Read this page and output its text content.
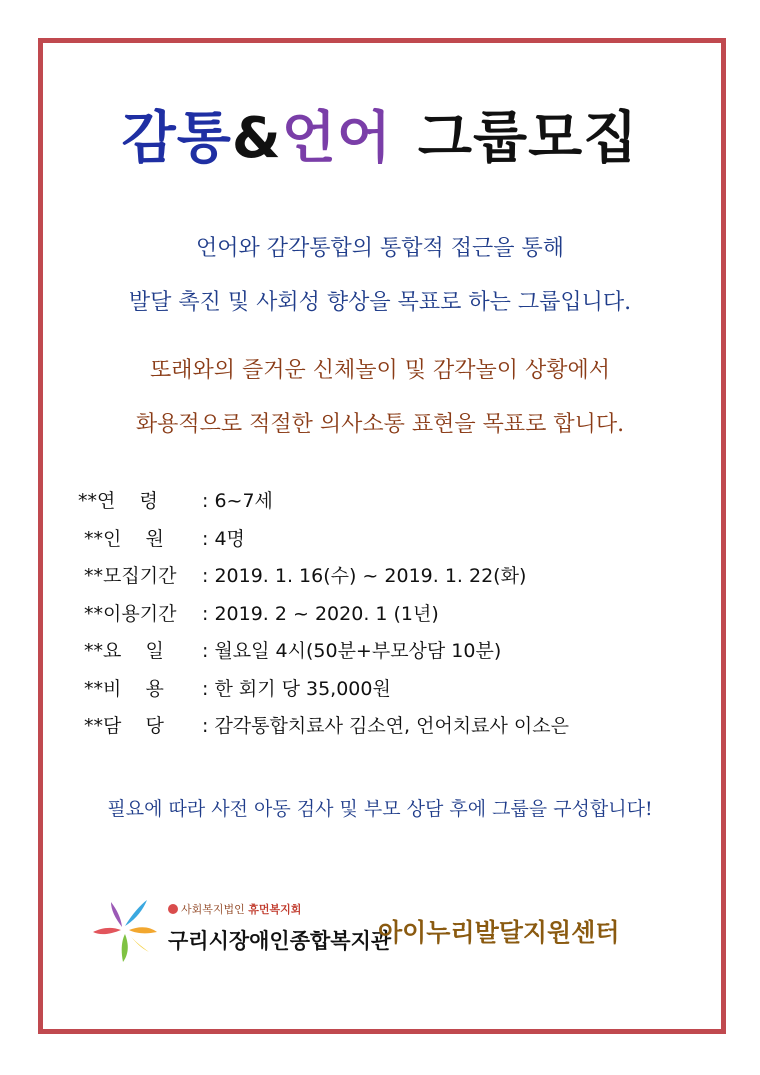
감통&언어 그룹모집
언어와 감각통합의 통합적 접근을 통해
발달 촉진 및 사회성 향상을 목표로 하는 그룹입니다.
또래와의 즐거운 신체놀이 및 감각놀이 상황에서
화용적으로 적절한 의사소통 표현을 목표로 합니다.
**연    령	: 6~7세
**인    원	: 4명
**모집기간	: 2019. 1. 16(수) ~ 2019. 1. 22(화)
**이용기간	: 2019. 2 ~ 2020. 1 (1년)
**요    일	: 월요일 4시(50분+부모상담 10분)
**비    용	: 한 회기 당 35,000원
**담    당	: 감각통합치료사 김소연, 언어치료사 이소은
필요에 따라 사전 아동 검사 및 부모 상담 후에 그룹을 구성합니다!
사회복지법인 휴먼복지회
구리시장애인종합복지관
아이누리발달지원센터
